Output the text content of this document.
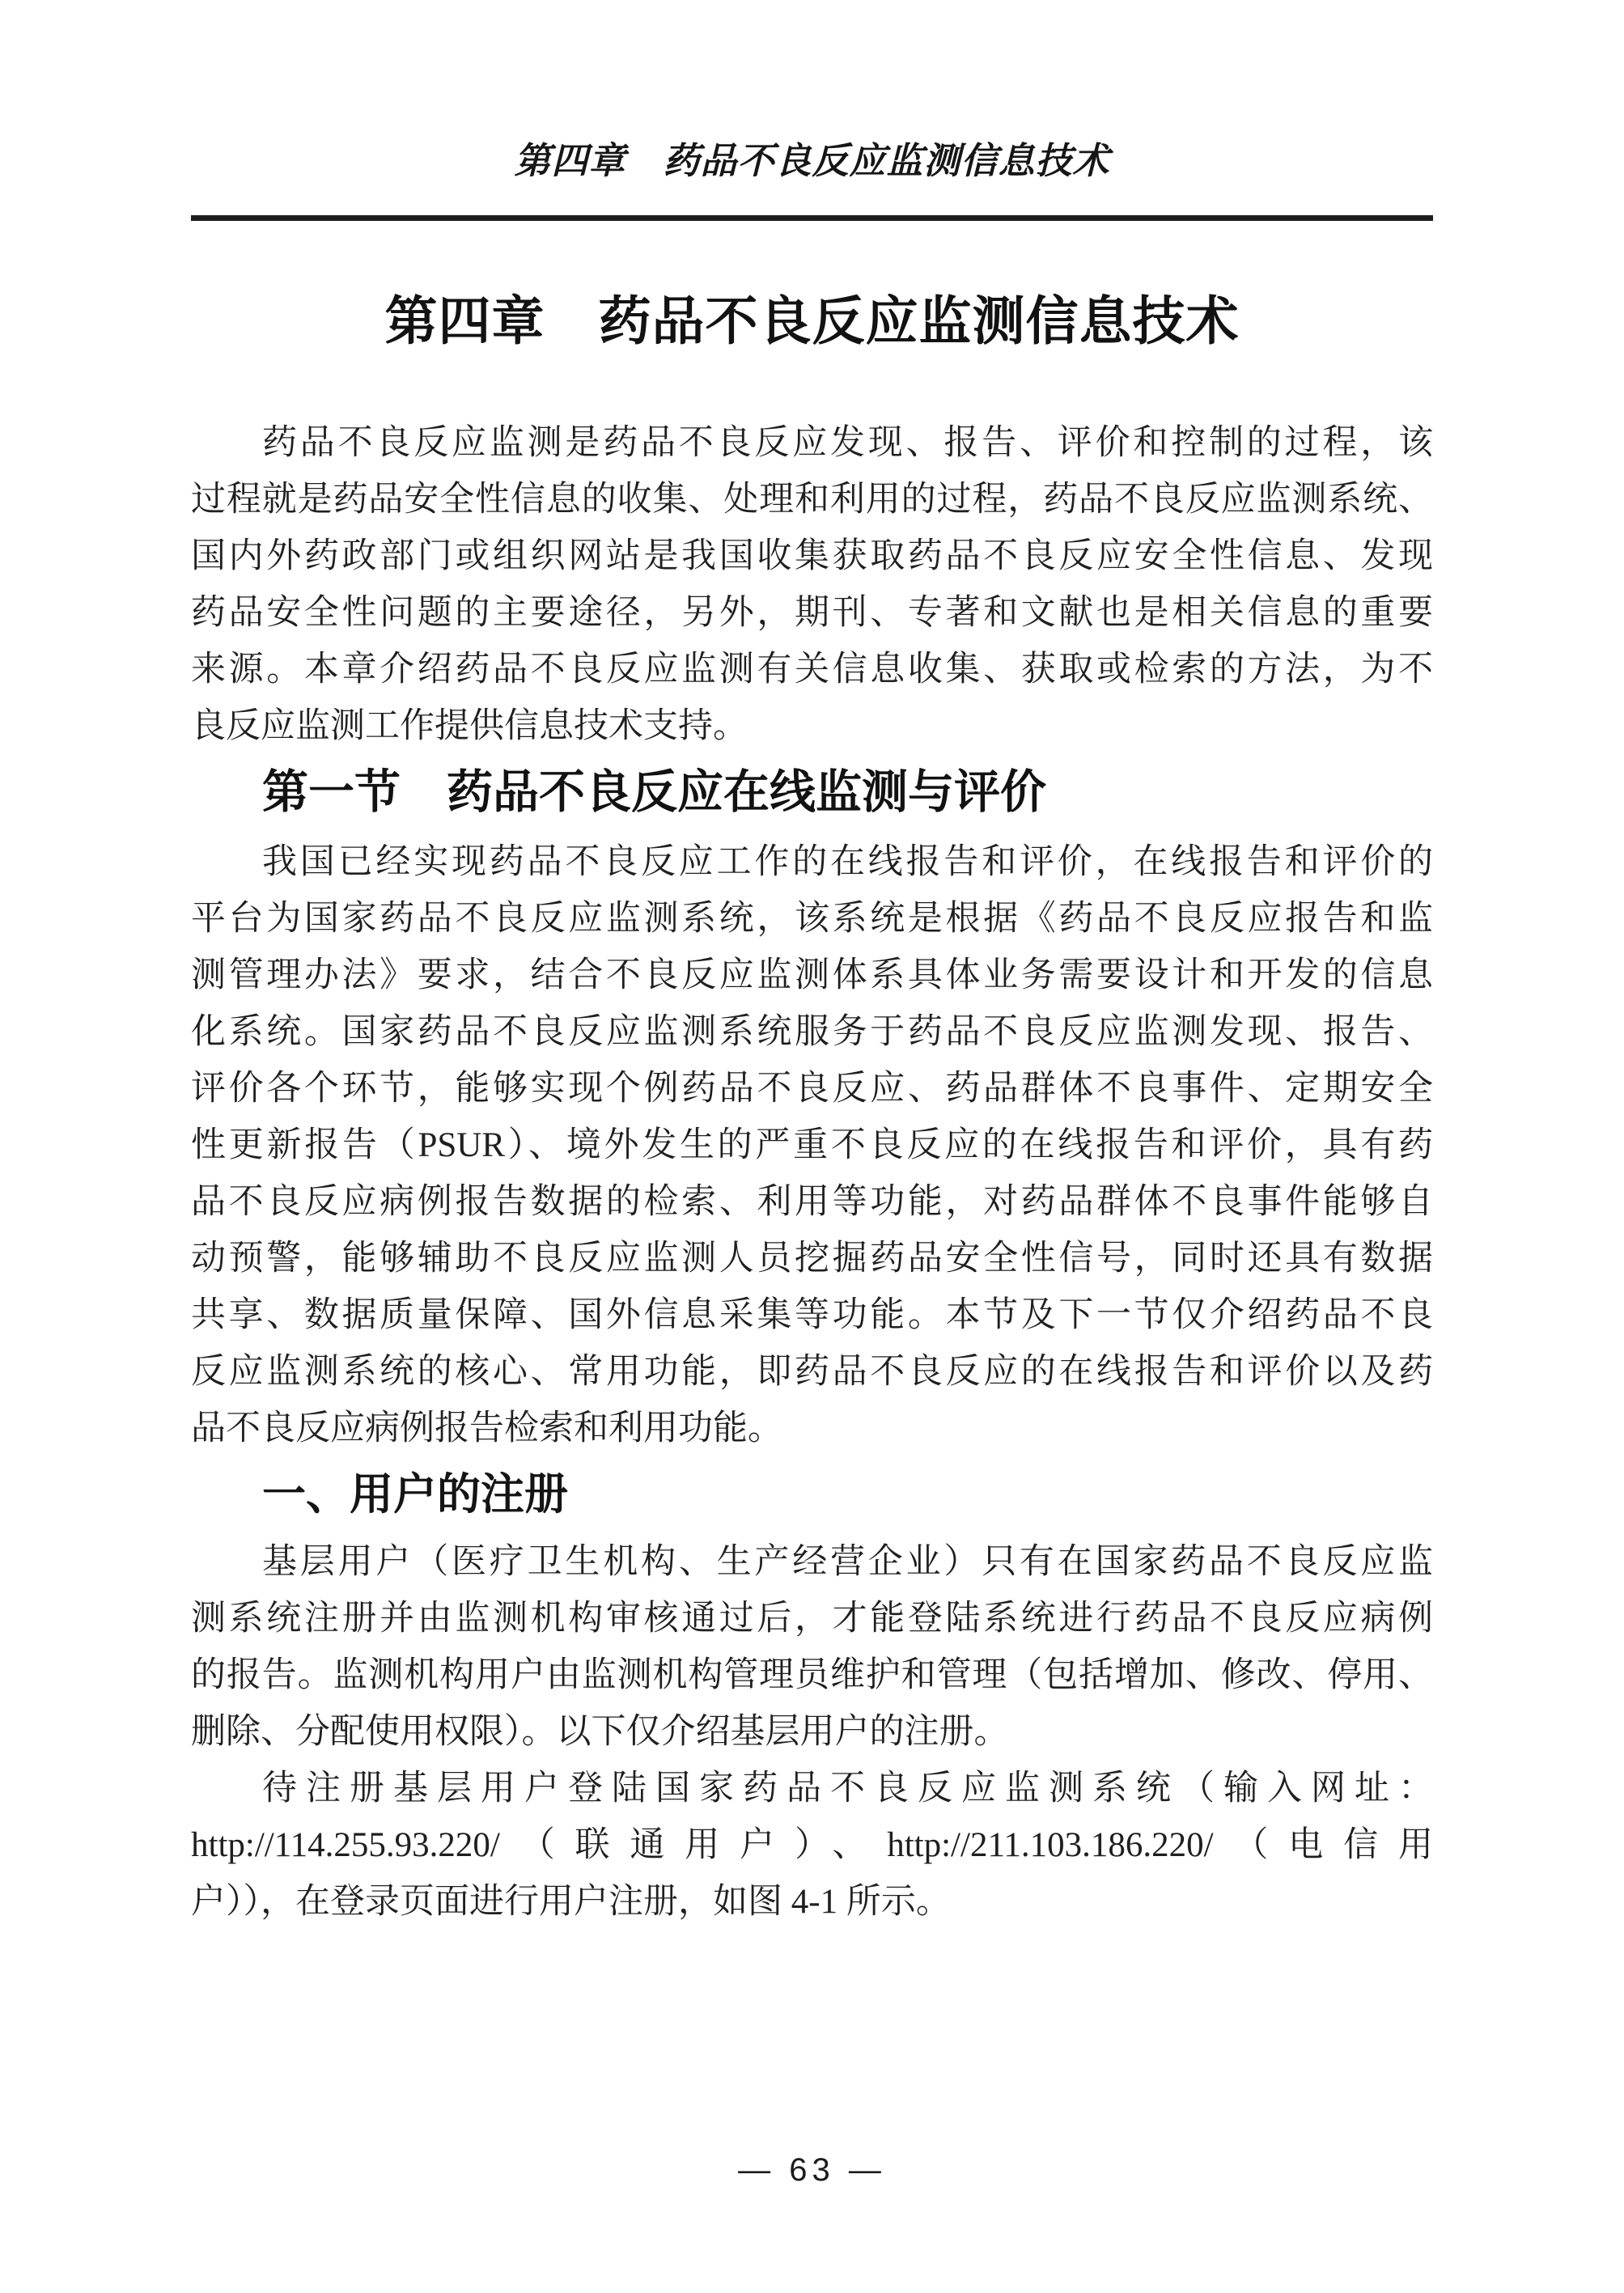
第四章　药品不良反应监测信息技术
第四章　药品不良反应监测信息技术
药品不良反应监测是药品不良反应发现、报告、评价和控制的过程，该
过程就是药品安全性信息的收集、处理和利用的过程，药品不良反应监测系统、
国内外药政部门或组织网站是我国收集获取药品不良反应安全性信息、发现
药品安全性问题的主要途径，另外，期刊、专著和文献也是相关信息的重要
来源。本章介绍药品不良反应监测有关信息收集、获取或检索的方法，为不
良反应监测工作提供信息技术支持。
第一节　药品不良反应在线监测与评价
我国已经实现药品不良反应工作的在线报告和评价，在线报告和评价的
平台为国家药品不良反应监测系统，该系统是根据《药品不良反应报告和监
测管理办法》要求，结合不良反应监测体系具体业务需要设计和开发的信息
化系统。国家药品不良反应监测系统服务于药品不良反应监测发现、报告、
评价各个环节，能够实现个例药品不良反应、药品群体不良事件、定期安全
性更新报告（PSUR）、境外发生的严重不良反应的在线报告和评价，具有药
品不良反应病例报告数据的检索、利用等功能，对药品群体不良事件能够自
动预警，能够辅助不良反应监测人员挖掘药品安全性信号，同时还具有数据
共享、数据质量保障、国外信息采集等功能。本节及下一节仅介绍药品不良
反应监测系统的核心、常用功能，即药品不良反应的在线报告和评价以及药
品不良反应病例报告检索和利用功能。
一、用户的注册
基层用户（医疗卫生机构、生产经营企业）只有在国家药品不良反应监
测系统注册并由监测机构审核通过后，才能登陆系统进行药品不良反应病例
的报告。监测机构用户由监测机构管理员维护和管理（包括增加、修改、停用、
删除、分配使用权限）。以下仅介绍基层用户的注册。
待注册基层用户登陆国家药品不良反应监测系统（输入网址：
http://114.255.93.220/（联通用户）、http://211.103.186.220/（电信用
户）），在登录页面进行用户注册，如图 4-1 所示。
— 63 —
